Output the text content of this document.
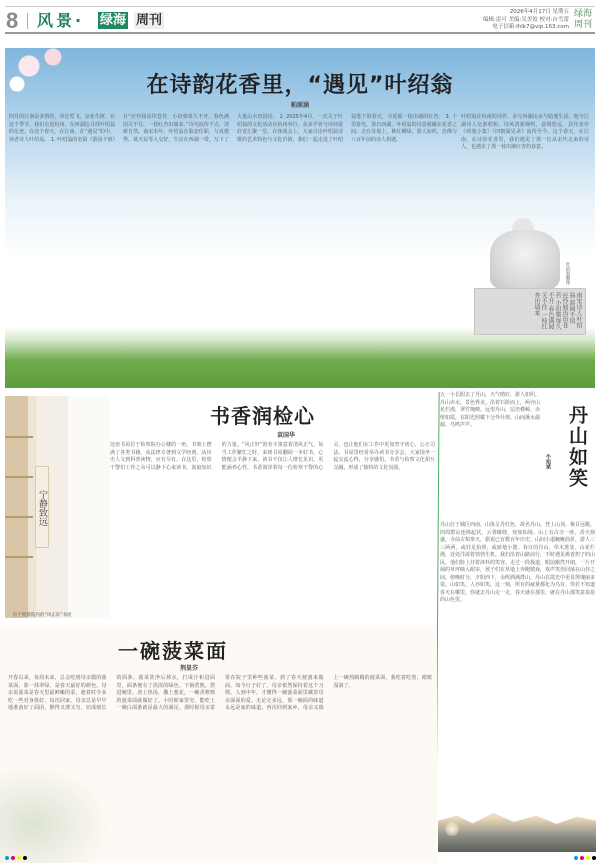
8 风景· 绿海 周刊
2026年4月17日 星期五
编辑:雷可 美编:吴美姣 校对:台雪蕾
电子信箱:lhlk7@vip.163.com
绿海周刊
在诗韵花香里，“遇见”叶绍翁
帕原涵
四月的江南是多情的，草长莺飞，杂花生树。在这个季节，我们走进杭州，在西湖边寻找叶绍翁的足迹。在这个春天，在江南，在“遇见”的中，读者诗人叶绍翁。 1. 叶绍翁的名篇《游园不值》有“应怜屐齿印苍苔，小扣柴扉久不开。春色满园关不住，一枝红杏出墙来。”诗句流传千古，清新自然。南宋末年，叶绍翁在临安任职，与真德秀、葛天民等人交好，生活在西湖一带，写下了大量山水田园诗。 2. 2025年4月，一次关于叶绍翁的文化活动在杭州举行，众多学者与诗词爱好者汇聚一堂。在座谈会上，大家讨论叶绍翁诗歌的艺术特色与文化价值。我们一起走进了叶绍翁笔下的春天，寻觅那一枝出墙的红杏。 3. 十里春光，春日西湖，叶绍翁的诗意就藏在花香之间。走在苏堤上，桃红柳绿，游人如织，仿佛与八百年前的诗人相遇。
叶绍翁在杭州的诗作，多写西湖山水与隐逸生活。他与江湖诗人交游唱和，诗风清新婉约，意境悠远。其代表作《靖逸小集》《四朝闻见录》流传至今。这个春天，在江南，在诗韵花香里，我们遇见了那一位从宋代走来的诗人，也遇见了那一枝出墙红杏的春意。
南宋诗人叶绍翁 游园不值 应怜屐齿印苍苔 小扣柴扉久不开 春色满园关不住 一枝红杏出墙来
叶绍翁雕像
宁静致远
位于检察院内的“风正轩”书屋
书香润检心
袁国华
这座书屋位于检察院办公楼的一角，书架上摆满了各类书籍，从法律专著到文学经典，从历史人文到科普读物，应有尽有。在这里，检察干警们工作之余可以静下心来读书，汲取知识的力量。“风正轩”的名字寓意着清风正气。每当工作繁忙之时，来到书屋翻阅一本好书，心情便会平静下来。读书不仅让人增长见识，更能涵养心性。书香润泽着每一位检察干警的心灵，也让他们在工作中更加坚守初心，公正司法。书屋里经常举办读书分享会，大家围坐一起交流心得，分享感悟。书香与检察文化相互交融，形成了独特的文化氛围。
五一小长假去了丹山，天气晴好，游人如织。丹山赤水，景色秀美。沿着石阶而上，两旁山花烂漫，翠竹掩映。远望丹山，层峦叠嶂，赤壁如霞，在阳光照耀下分外壮观。山间溪水潺潺，鸟鸣声声。	丹山如笑
牛旭斌
丹山位于城区西南，山体呈丹红色，故名丹山。登上山顶，极目远眺，四周群山连绵起伏，云雾缭绕，宛如仙境。山上有古寺一座，香火鼎盛，寺前古柏参天，据说已有数百年历史。山间小道蜿蜒曲折，游人三三两两，或驻足拍照，或席地小憩。春日的丹山，草木葱茏，山花烂漫，处处洋溢着勃勃生机。我们沿着山路前行，不时遇见挑着担子的山民，他们脸上挂着淳朴的笑容。走过一段栈道，眼前豁然开朗，一片开阔的草坪映入眼帘，孩子们在草地上奔跑嬉戏，欢声笑语回荡在山谷之间。傍晚时分，夕阳西下，余晖洒满群山，丹山在霞光中更显得瑰丽多姿。山如笑，人亦如笑，这一刻，所有的疲惫都化为乌有。你若不知道春天在哪里，你就去丹山走一走，春天就在那里，就在丹山那笑意盈盈的山色里。
一碗菠菜面
荆显芬
开春以来，每周末来，总会吃到母亲做的菠菜面，那一抹翠绿，是春天最好的颜色。母亲说菠菜是春天里最鲜嫩的菜，趁着时令多吃一些对身体好。每次回家，母亲总是早早地准备好了面团，擀得又薄又匀，切成细长的面条。菠菜洗净后焯水，打成汁和进面里，面条便有了淡淡的绿色。下锅煮熟，捞进碗里，浇上热汤，撒上葱花，一碗香喷喷的菠菜面就做好了。小时候家里穷，能吃上一碗白面条就是最大的满足。那时候母亲常常在院子里种些菠菜，到了春天便割来做面。如今日子好了，母亲依然保持着这个习惯。人到中年，才懂得一碗菠菜面里藏着母亲深深的爱。无论走多远，那一碗面的味道永远是家的味道。再次回到家乡，母亲又端上一碗热腾腾的菠菜面，我吃着吃着，眼眶湿润了。
